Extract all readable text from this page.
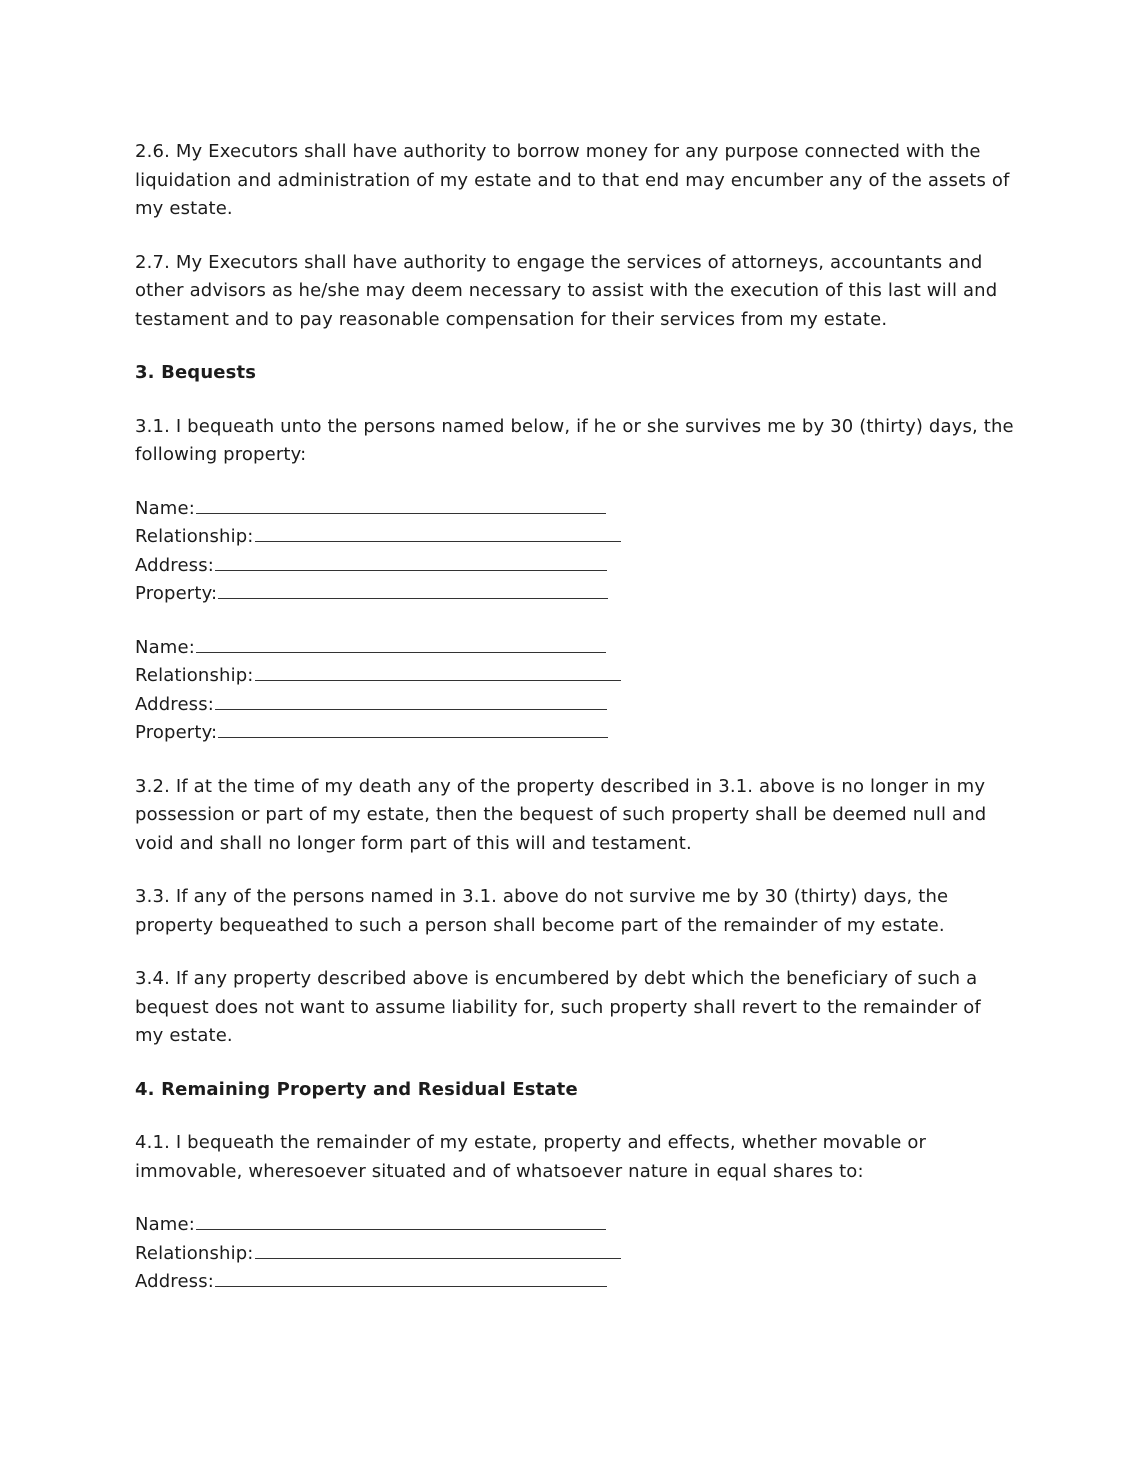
2.6. My Executors shall have authority to borrow money for any purpose connected with the liquidation and administration of my estate and to that end may encumber any of the assets of my estate.

2.7. My Executors shall have authority to engage the services of attorneys, accountants and other advisors as he/she may deem necessary to assist with the execution of this last will and testament and to pay reasonable compensation for their services from my estate.

3. Bequests

3.1. I bequeath unto the persons named below, if he or she survives me by 30 (thirty) days, the following property:

Name:
Relationship:
Address:
Property:
Name:
Relationship:
Address:
Property:

3.2. If at the time of my death any of the property described in 3.1. above is no longer in my possession or part of my estate, then the bequest of such property shall be deemed null and void and shall no longer form part of this will and testament.

3.3. If any of the persons named in 3.1. above do not survive me by 30 (thirty) days, the property bequeathed to such a person shall become part of the remainder of my estate.

3.4. If any property described above is encumbered by debt which the beneficiary of such a bequest does not want to assume liability for, such property shall revert to the remainder of my estate.

4. Remaining Property and Residual Estate

4.1. I bequeath the remainder of my estate, property and effects, whether movable or immovable, wheresoever situated and of whatsoever nature in equal shares to:

Name:
Relationship:
Address:
